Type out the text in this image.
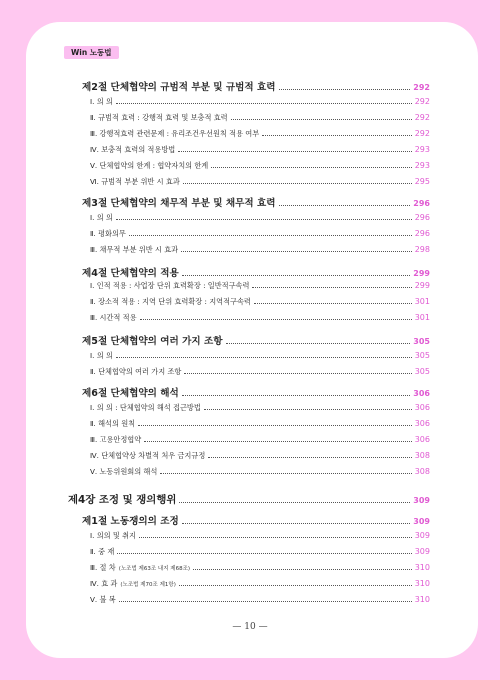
Win 노동법
제2절 단체협약의 규범적 부분 및 규범적 효력	292
Ⅰ. 의 의	292
Ⅱ. 규범적 효력 : 강행적 효력 및 보충적 효력	292
Ⅲ. 강행적효력 관련문제 : 유리조건우선원칙 적용 여부	292
Ⅳ. 보충적 효력의 적용방법	293
Ⅴ. 단체협약의 한계 : 협약자치의 한계	293
Ⅵ. 규범적 부분 위반 시 효과	295
제3절 단체협약의 채무적 부분 및 채무적 효력	296
Ⅰ. 의 의	296
Ⅱ. 평화의무	296
Ⅲ. 채무적 부분 위반 시 효과	298
제4절 단체협약의 적용	299
Ⅰ. 인적 적용 : 사업장 단위 효력확장 : 일반적구속력	299
Ⅱ. 장소적 적용 : 지역 단위 효력확장 : 지역적구속력	301
Ⅲ. 시간적 적용	301
제5절 단체협약의 여러 가지 조항	305
Ⅰ. 의 의	305
Ⅱ. 단체협약의 여러 가지 조항	305
제6절 단체협약의 해석	306
Ⅰ. 의 의 : 단체협약의 해석 접근방법	306
Ⅱ. 해석의 원칙	306
Ⅲ. 고용안정협약	306
Ⅳ. 단체협약상 차별적 처우 금지규정	308
Ⅴ. 노동위원회의 해석	308
제4장 조정 및 쟁의행위	309
제1절 노동쟁의의 조정	309
Ⅰ. 의의 및 취지	309
Ⅱ. 중 재	309
Ⅲ. 절 차 (노조법 제63조 내지 제68조)	310
Ⅳ. 효 과 (노조법 제70조 제1항)	310
Ⅴ. 불 복	310
— 10 —
